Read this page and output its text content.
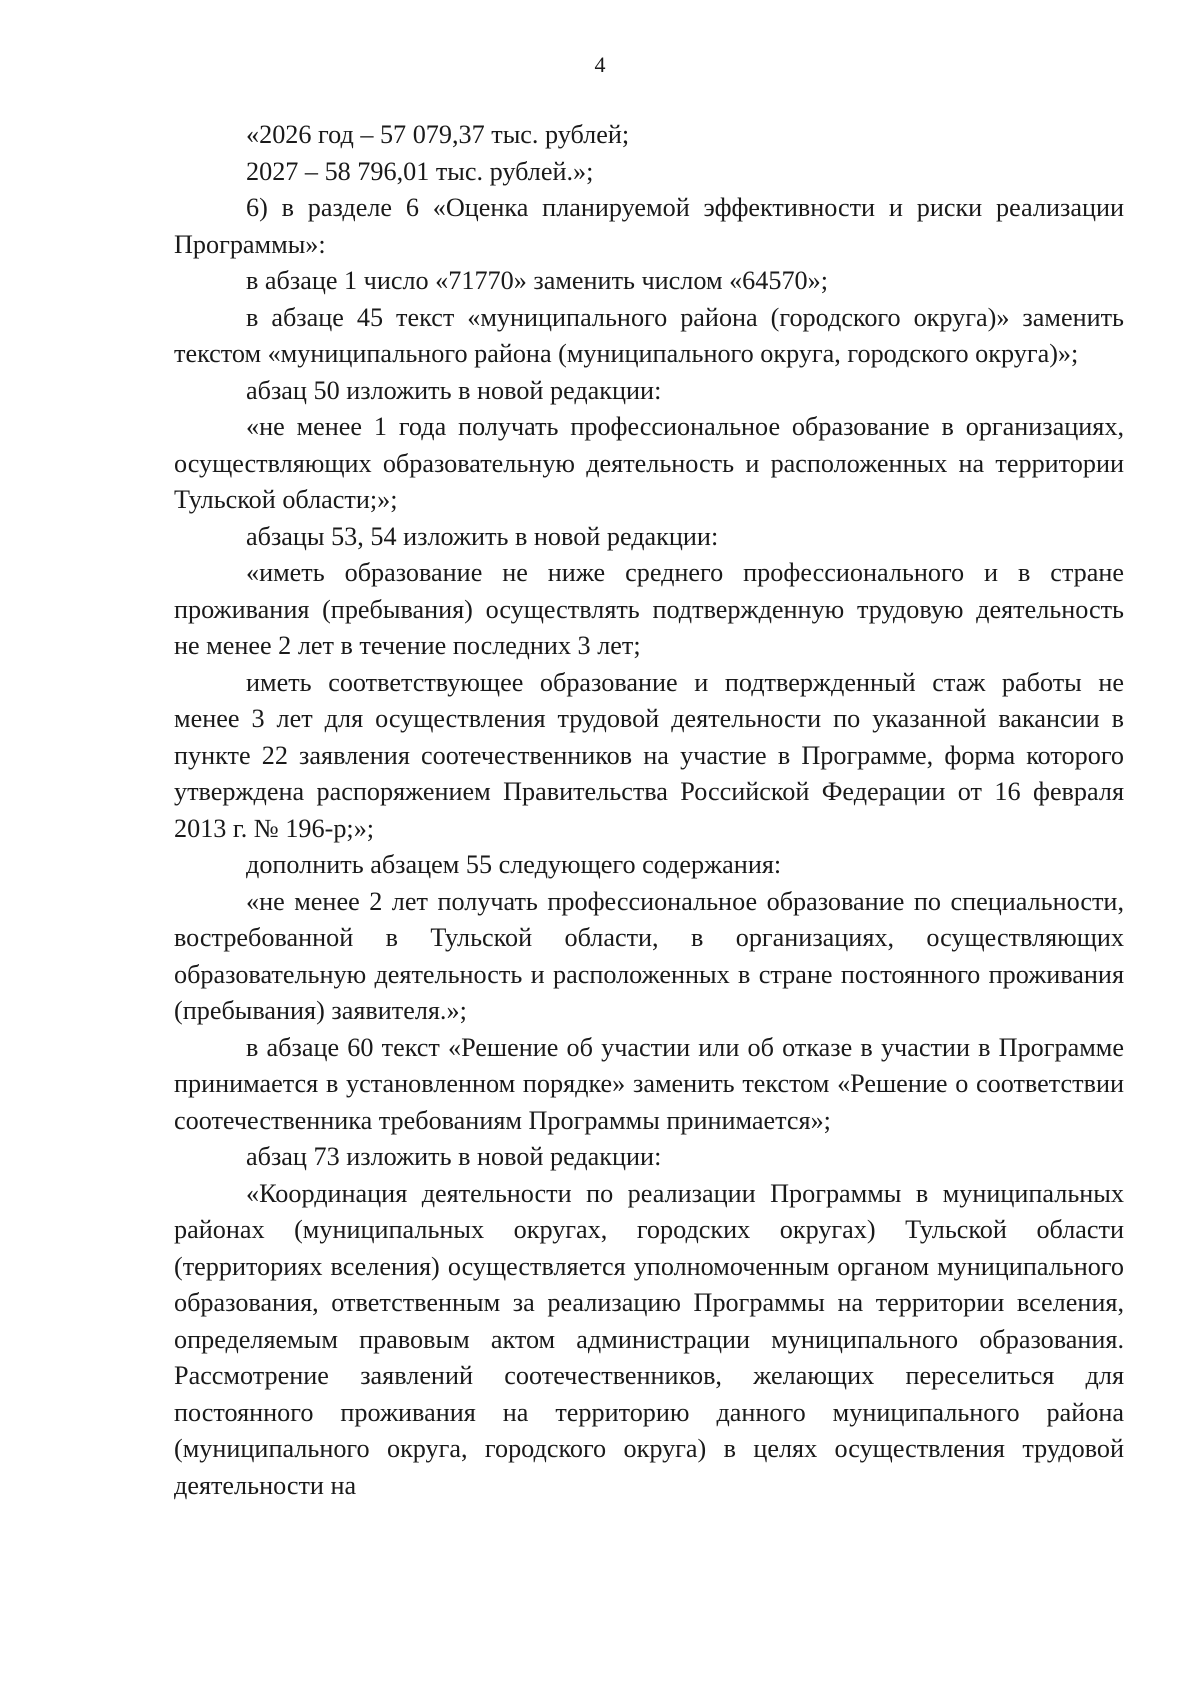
4

«2026 год – 57 079,37 тыс. рублей;

2027 – 58 796,01 тыс. рублей.»;

6) в разделе 6 «Оценка планируемой эффективности и риски реализации Программы»:

в абзаце 1 число «71770» заменить числом «64570»;

в абзаце 45 текст «муниципального района (городского округа)» заменить текстом «муниципального района (муниципального округа, городского округа)»;

абзац 50 изложить в новой редакции:

«не менее 1 года получать профессиональное образование в организациях, осуществляющих образовательную деятельность и расположенных на территории Тульской области;»;

абзацы 53, 54 изложить в новой редакции:

«иметь образование не ниже среднего профессионального и в стране проживания (пребывания) осуществлять подтвержденную трудовую деятельность не менее 2 лет в течение последних 3 лет;

иметь соответствующее образование и подтвержденный стаж работы не менее 3 лет для осуществления трудовой деятельности по указанной вакансии в пункте 22 заявления соотечественников на участие в Программе, форма которого утверждена распоряжением Правительства Российской Федерации от 16 февраля 2013 г. № 196-р;»;

дополнить абзацем 55 следующего содержания:

«не менее 2 лет получать профессиональное образование по специальности, востребованной в Тульской области, в организациях, осуществляющих образовательную деятельность и расположенных в стране постоянного проживания (пребывания) заявителя.»;

в абзаце 60 текст «Решение об участии или об отказе в участии в Программе принимается в установленном порядке» заменить текстом «Решение о соответствии соотечественника требованиям Программы принимается»;

абзац 73 изложить в новой редакции:

«Координация деятельности по реализации Программы в муниципальных районах (муниципальных округах, городских округах) Тульской области (территориях вселения) осуществляется уполномоченным органом муниципального образования, ответственным за реализацию Программы на территории вселения, определяемым правовым актом администрации муниципального образования. Рассмотрение заявлений соотечественников, желающих переселиться для постоянного проживания на территорию данного муниципального района (муниципального округа, городского округа) в целях осуществления трудовой деятельности на
